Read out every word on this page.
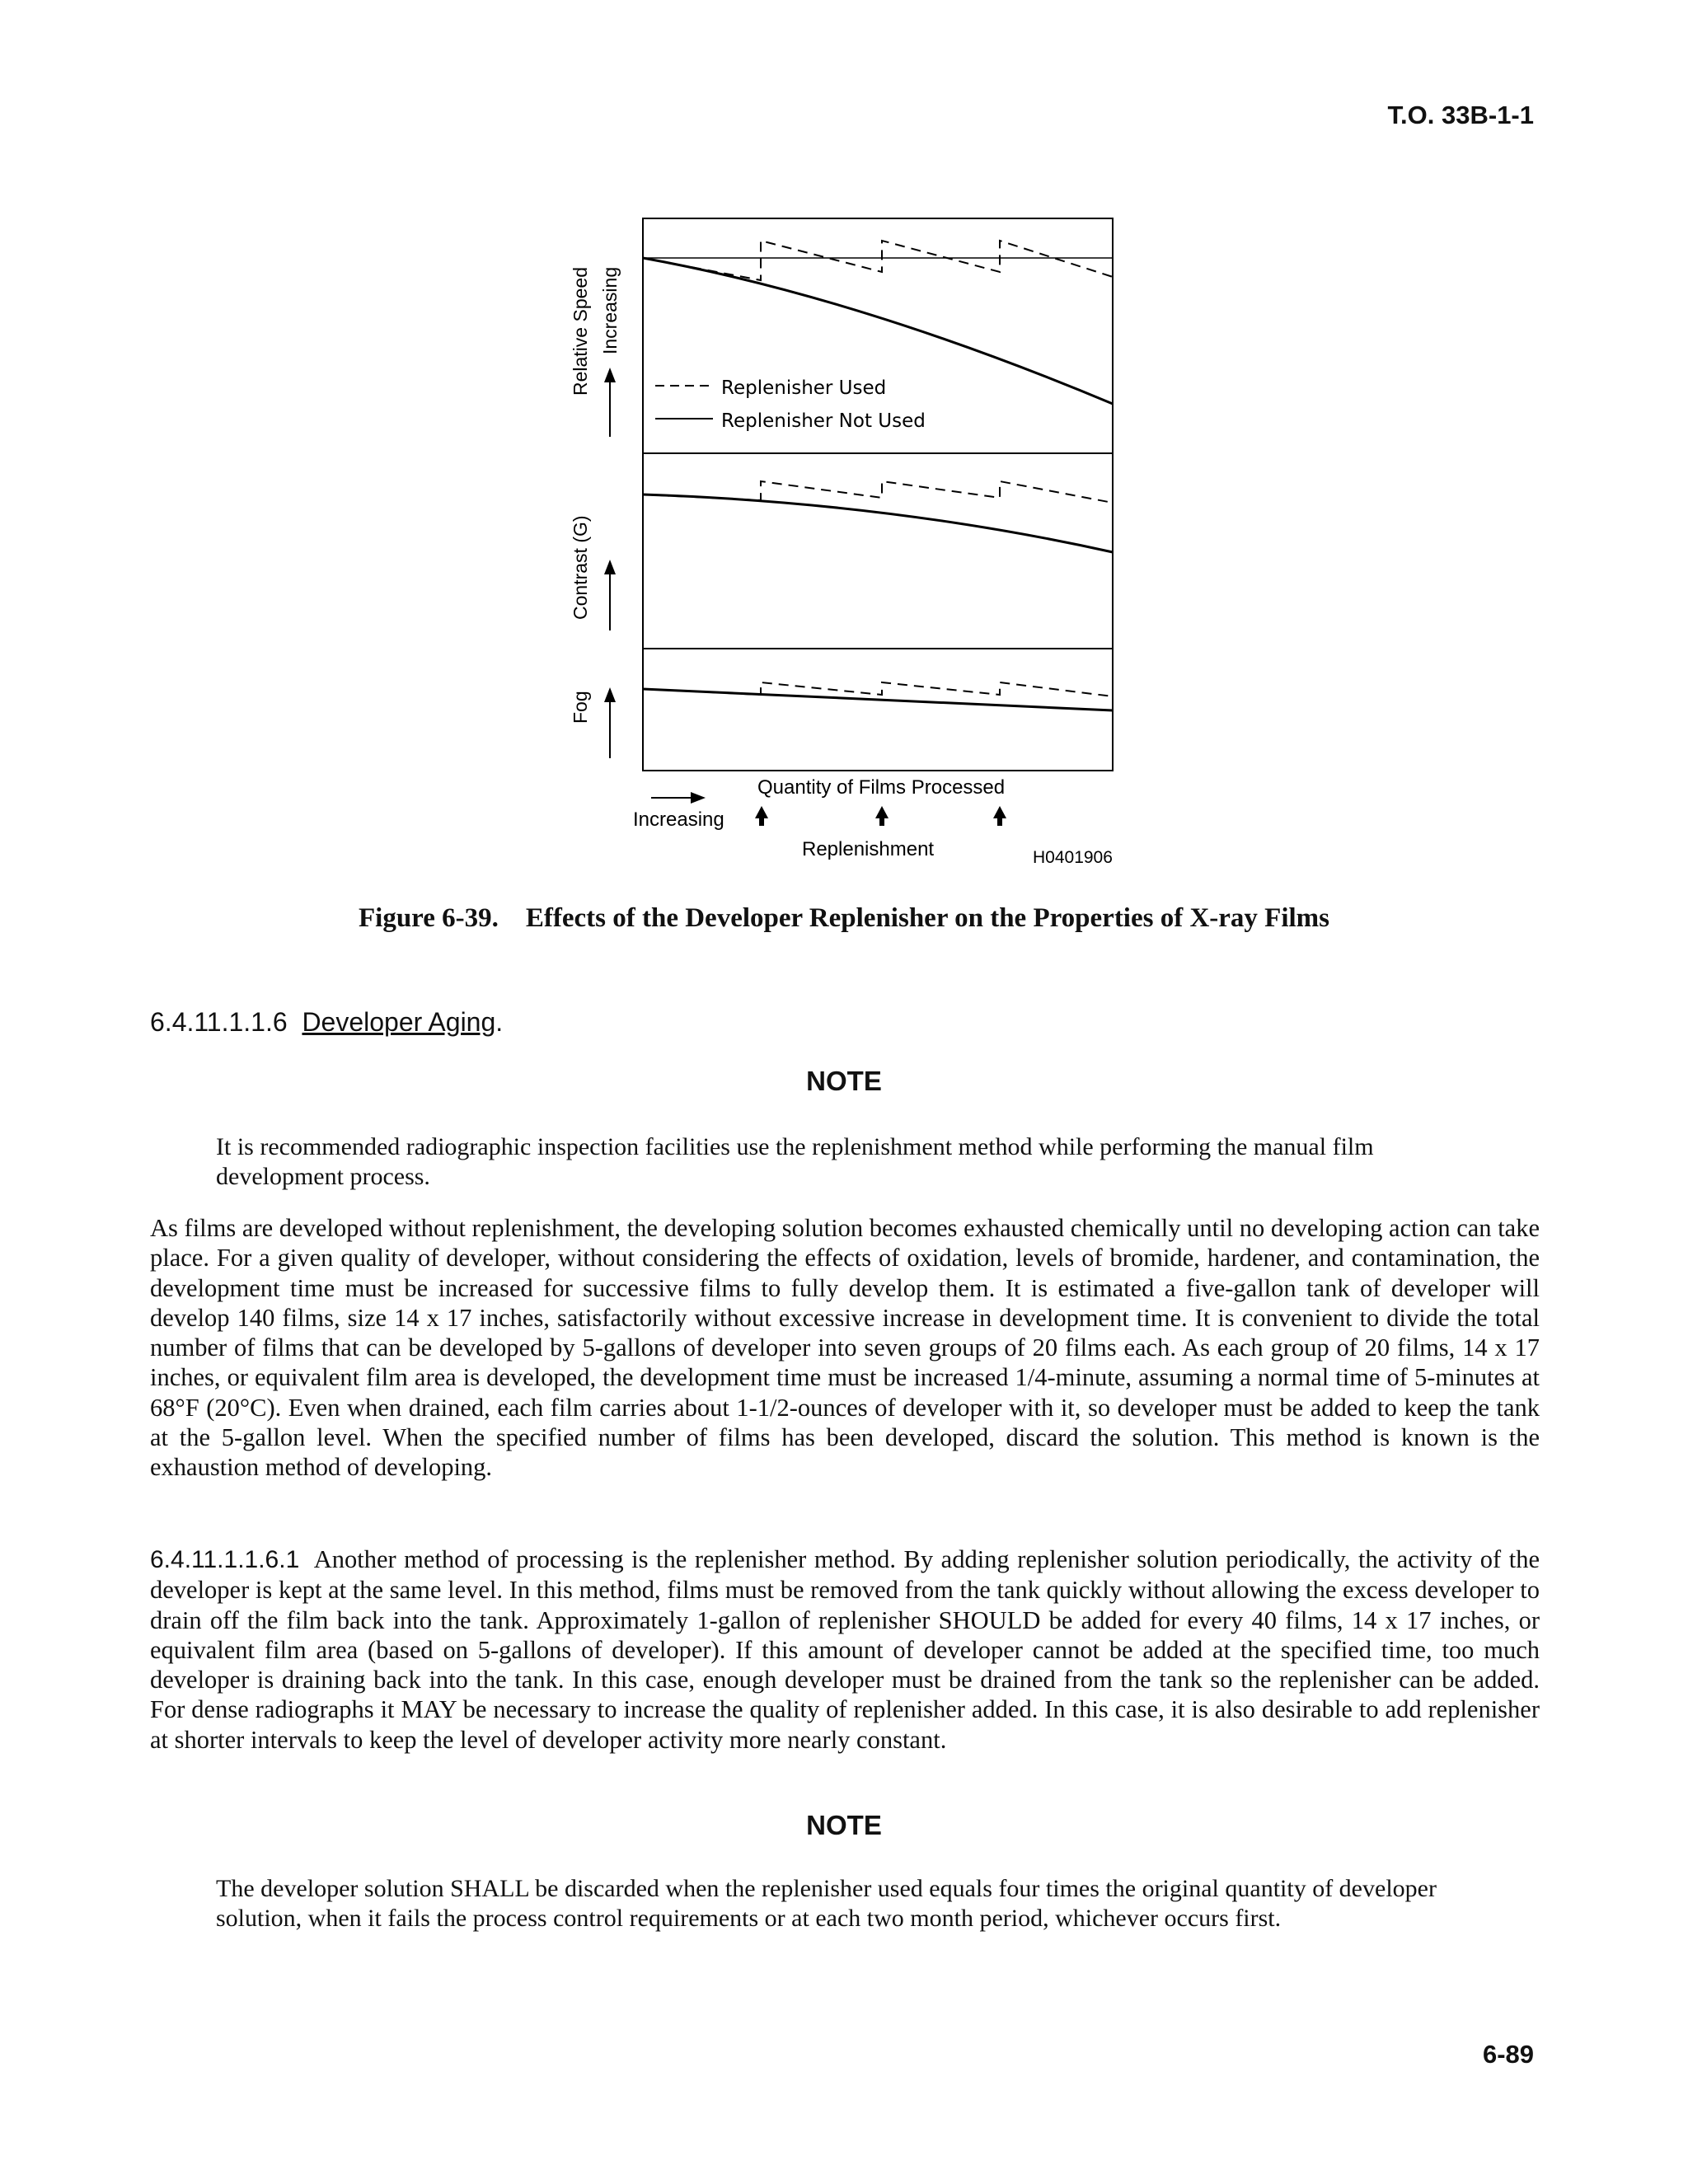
T.O. 33B-1-1
Replenisher Used
Replenisher Not Used
Relative Speed Increasing
Contrast (G)
Fog
Quantity of Films Processed
Increasing
Replenishment	H0401906
Figure 6-39.    Effects of the Developer Replenisher on the Properties of X-ray Films
6.4.11.1.1.6 Developer Aging.
NOTE
It is recommended radiographic inspection facilities use the replenishment method while performing the manual film development process.
As films are developed without replenishment, the developing solution becomes exhausted chemically until no developing action can take place. For a given quality of developer, without considering the effects of oxidation, levels of bromide, hardener, and contamination, the development time must be increased for successive films to fully develop them. It is estimated a five-gallon tank of developer will develop 140 films, size 14 x 17 inches, satisfactorily without excessive increase in development time. It is convenient to divide the total number of films that can be developed by 5-gallons of developer into seven groups of 20 films each. As each group of 20 films, 14 x 17 inches, or equivalent film area is developed, the development time must be increased 1/4-minute, assuming a normal time of 5-minutes at 68°F (20°C). Even when drained, each film carries about 1-1/2-ounces of developer with it, so developer must be added to keep the tank at the 5-gallon level. When the specified number of films has been developed, discard the solution. This method is known is the exhaustion method of developing.
6.4.11.1.1.6.1 Another method of processing is the replenisher method. By adding replenisher solution periodically, the activity of the developer is kept at the same level. In this method, films must be removed from the tank quickly without allowing the excess developer to drain off the film back into the tank. Approximately 1-gallon of replenisher SHOULD be added for every 40 films, 14 x 17 inches, or equivalent film area (based on 5-gallons of developer). If this amount of developer cannot be added at the specified time, too much developer is draining back into the tank. In this case, enough developer must be drained from the tank so the replenisher can be added. For dense radiographs it MAY be necessary to increase the quality of replenisher added. In this case, it is also desirable to add replenisher at shorter intervals to keep the level of developer activity more nearly constant.
NOTE
The developer solution SHALL be discarded when the replenisher used equals four times the original quantity of developer solution, when it fails the process control requirements or at each two month period, whichever occurs first.
6-89
